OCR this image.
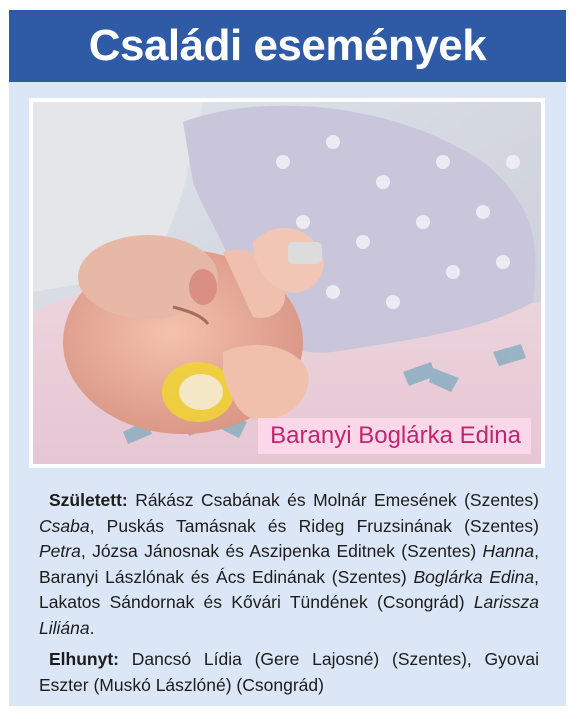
Családi események
Baranyi Boglárka Edina

Született: Rákász Csabának és Molnár Emesének (Szentes) Csaba, Puskás Tamásnak és Rideg Fruzsinának (Szentes) Petra, Józsa Jánosnak és Aszipenka Editnek (Szentes) Hanna, Baranyi Lászlónak és Ács Edinának (Szentes) Boglárka Edina, Lakatos Sándornak és Kővári Tündének (Csongrád) Larissza Liliána.

Elhunyt: Dancsó Lídia (Gere Lajosné) (Szentes), Gyovai Eszter (Muskó Lászlóné) (Csongrád)
